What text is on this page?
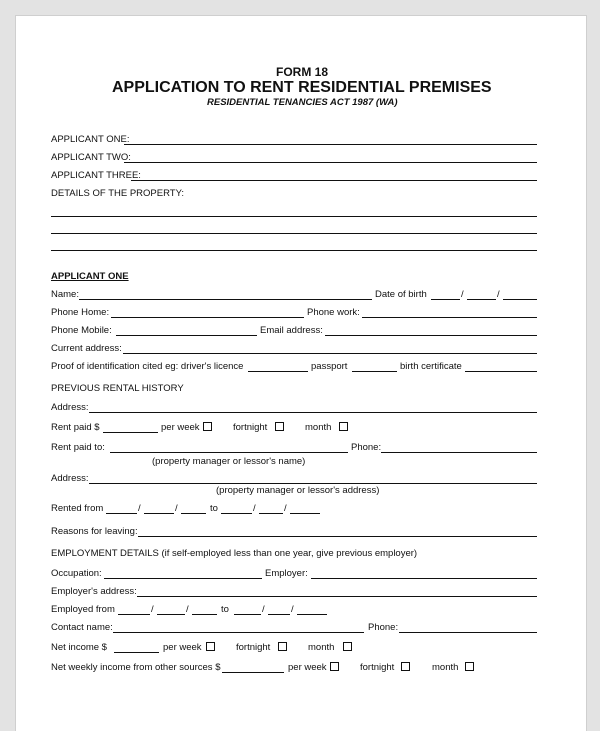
FORM 18
APPLICATION TO RENT RESIDENTIAL PREMISES
RESIDENTIAL TENANCIES ACT 1987 (WA)
APPLICANT ONE:
APPLICANT TWO:
APPLICANT THREE:
DETAILS OF THE PROPERTY:
APPLICANT ONE
Name:	Date of birth	/	/
Phone Home:	Phone work:
Phone Mobile:	Email address:
Current address:
Proof of identification cited eg: driver's licence	passport	birth certificate
PREVIOUS RENTAL HISTORY
Address:
Rent paid $	per week	fortnight	month
Rent paid to:	Phone:
(property manager or lessor's name)
Address:
(property manager or lessor's address)
Rented from	/	/	to	/	/
Reasons for leaving:
EMPLOYMENT DETAILS (if self-employed less than one year, give previous employer)
Occupation:	Employer:
Employer's address:
Employed from	/	/	to	/	/
Contact name:	Phone:
Net income $	per week	fortnight	month
Net weekly income from other sources $	per week	fortnight	month
